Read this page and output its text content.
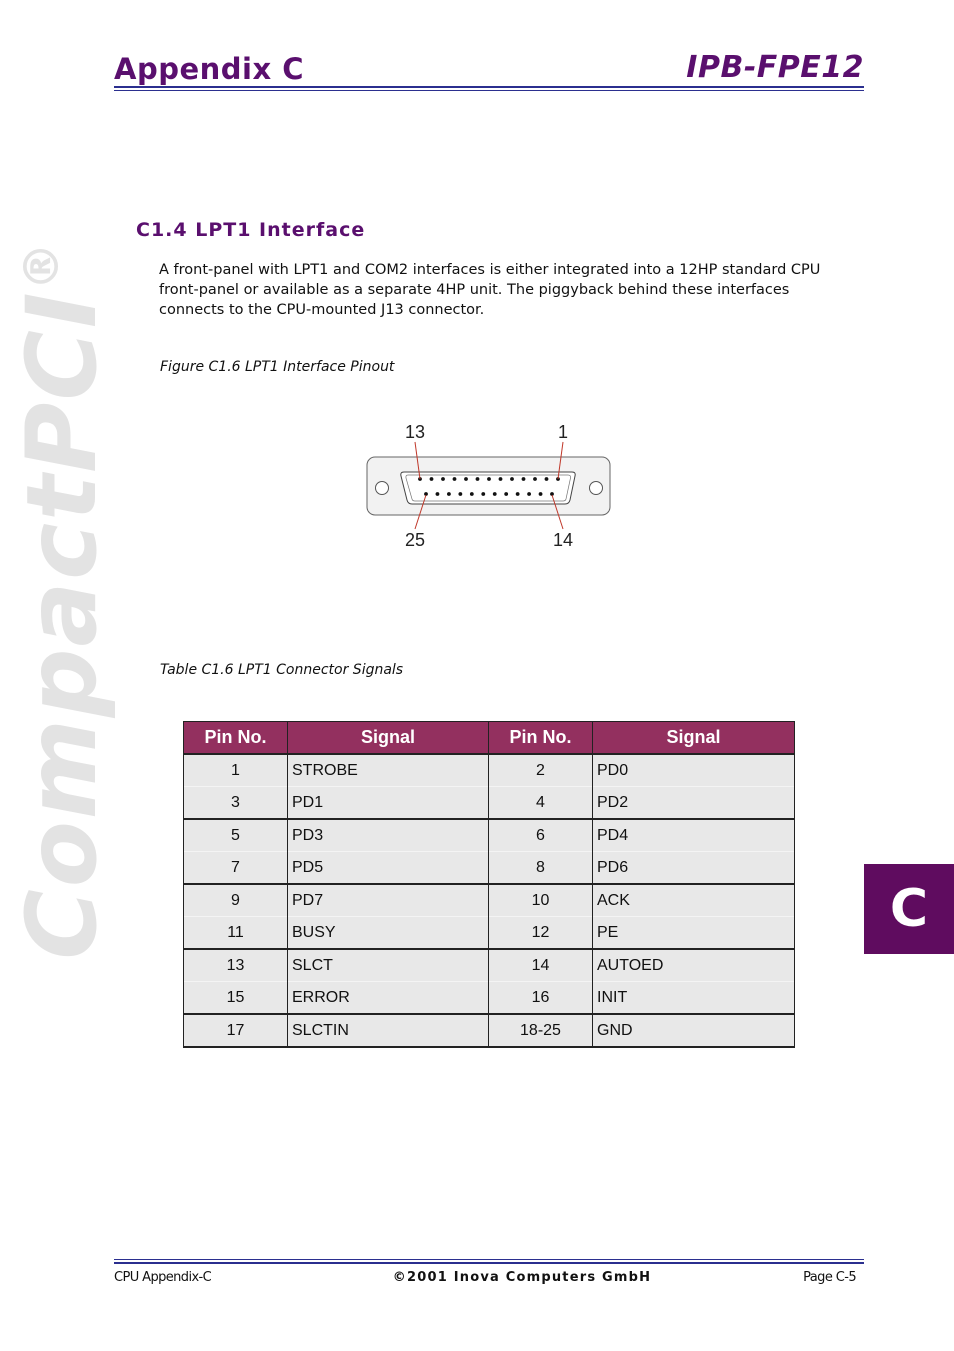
Appendix C	IPB-FPE12
CompactPCI®
C1.4 LPT1 Interface
A front-panel with LPT1 and COM2 interfaces is either integrated into a 12HP standard CPU front-panel or available as a separate 4HP unit. The piggyback behind these interfaces connects to the CPU-mounted J13 connector.
Figure C1.6 LPT1 Interface Pinout
13	1
25	14
Table C1.6 LPT1 Connector Signals
Pin No.	Signal	Pin No.	Signal
1	STROBE	2	PD0
3	PD1	4	PD2
5	PD3	6	PD4
7	PD5	8	PD6
9	PD7	10	ACK
11	BUSY	12	PE
13	SLCT	14	AUTOED
15	ERROR	16	INIT
17	SLCTIN	18-25	GND
C
CPU Appendix-C	©2001 Inova Computers GmbH	Page C-5
